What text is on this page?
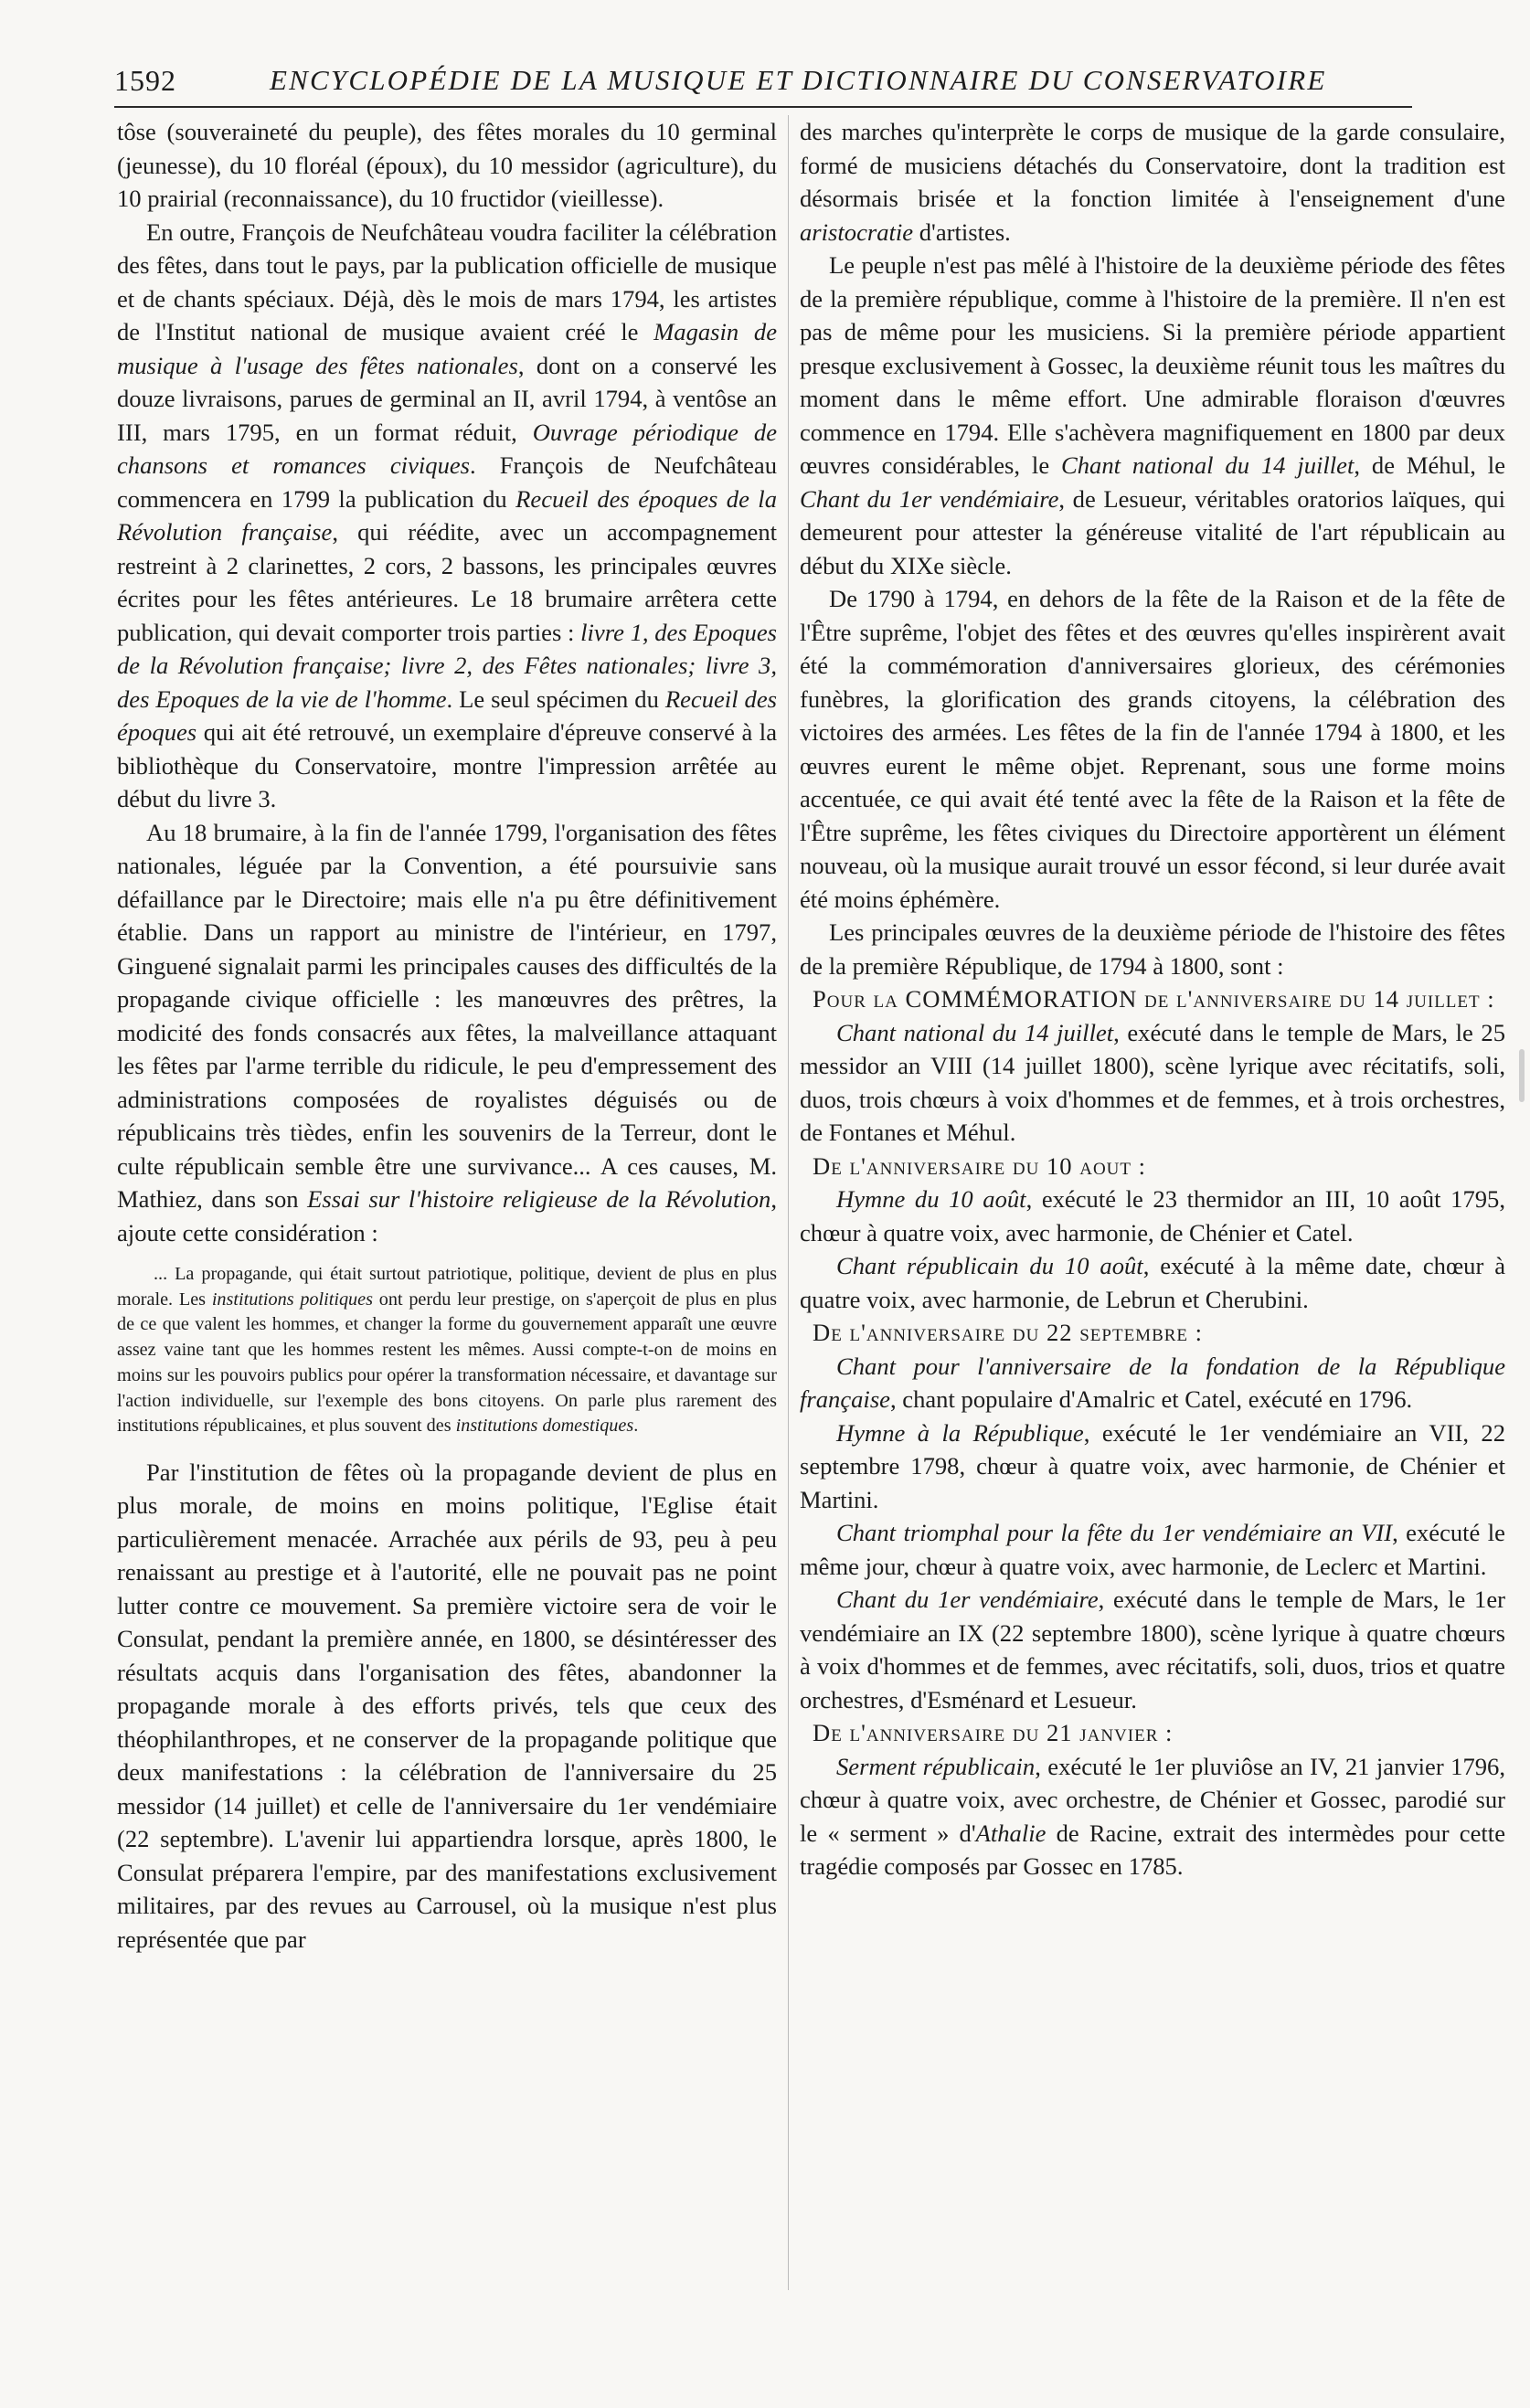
1592	ENCYCLOPÉDIE DE LA MUSIQUE ET DICTIONNAIRE DU CONSERVATOIRE

tôse (souveraineté du peuple), des fêtes morales du 10 germinal (jeunesse), du 10 floréal (époux), du 10 messidor (agriculture), du 10 prairial (reconnaissance), du 10 fructidor (vieillesse).

En outre, François de Neufchâteau voudra faciliter la célébration des fêtes, dans tout le pays, par la publication officielle de musique et de chants spéciaux. Déjà, dès le mois de mars 1794, les artistes de l'Institut national de musique avaient créé le Magasin de musique à l'usage des fêtes nationales, dont on a conservé les douze livraisons, parues de germinal an II, avril 1794, à ventôse an III, mars 1795, en un format réduit, Ouvrage périodique de chansons et romances civiques. François de Neufchâteau commencera en 1799 la publication du Recueil des époques de la Révolution française, qui réédite, avec un accompagnement restreint à 2 clarinettes, 2 cors, 2 bassons, les principales œuvres écrites pour les fêtes antérieures. Le 18 brumaire arrêtera cette publication, qui devait comporter trois parties : livre 1, des Epoques de la Révolution française; livre 2, des Fêtes nationales; livre 3, des Epoques de la vie de l'homme. Le seul spécimen du Recueil des époques qui ait été retrouvé, un exemplaire d'épreuve conservé à la bibliothèque du Conservatoire, montre l'impression arrêtée au début du livre 3.

Au 18 brumaire, à la fin de l'année 1799, l'organisation des fêtes nationales, léguée par la Convention, a été poursuivie sans défaillance par le Directoire; mais elle n'a pu être définitivement établie. Dans un rapport au ministre de l'intérieur, en 1797, Ginguené signalait parmi les principales causes des difficultés de la propagande civique officielle : les manœuvres des prêtres, la modicité des fonds consacrés aux fêtes, la malveillance attaquant les fêtes par l'arme terrible du ridicule, le peu d'empressement des administrations composées de royalistes déguisés ou de républicains très tièdes, enfin les souvenirs de la Terreur, dont le culte républicain semble être une survivance... A ces causes, M. Mathiez, dans son Essai sur l'histoire religieuse de la Révolution, ajoute cette considération :

... La propagande, qui était surtout patriotique, politique, devient de plus en plus morale. Les institutions politiques ont perdu leur prestige, on s'aperçoit de plus en plus de ce que valent les hommes, et changer la forme du gouvernement apparaît une œuvre assez vaine tant que les hommes restent les mêmes. Aussi compte-t-on de moins en moins sur les pouvoirs publics pour opérer la transformation nécessaire, et davantage sur l'action individuelle, sur l'exemple des bons citoyens. On parle plus rarement des institutions républicaines, et plus souvent des institutions domestiques.

Par l'institution de fêtes où la propagande devient de plus en plus morale, de moins en moins politique, l'Eglise était particulièrement menacée. Arrachée aux périls de 93, peu à peu renaissant au prestige et à l'autorité, elle ne pouvait pas ne point lutter contre ce mouvement. Sa première victoire sera de voir le Consulat, pendant la première année, en 1800, se désintéresser des résultats acquis dans l'organisation des fêtes, abandonner la propagande morale à des efforts privés, tels que ceux des théophilanthropes, et ne conserver de la propagande politique que deux manifestations : la célébration de l'anniversaire du 25 messidor (14 juillet) et celle de l'anniversaire du 1er vendémiaire (22 septembre). L'avenir lui appartiendra lorsque, après 1800, le Consulat préparera l'empire, par des manifestations exclusivement militaires, par des revues au Carrousel, où la musique n'est plus représentée que par

des marches qu'interprète le corps de musique de la garde consulaire, formé de musiciens détachés du Conservatoire, dont la tradition est désormais brisée et la fonction limitée à l'enseignement d'une aristocratie d'artistes.

Le peuple n'est pas mêlé à l'histoire de la deuxième période des fêtes de la première république, comme à l'histoire de la première. Il n'en est pas de même pour les musiciens. Si la première période appartient presque exclusivement à Gossec, la deuxième réunit tous les maîtres du moment dans le même effort. Une admirable floraison d'œuvres commence en 1794. Elle s'achèvera magnifiquement en 1800 par deux œuvres considérables, le Chant national du 14 juillet, de Méhul, le Chant du 1er vendémiaire, de Lesueur, véritables oratorios laïques, qui demeurent pour attester la généreuse vitalité de l'art républicain au début du XIXe siècle.

De 1790 à 1794, en dehors de la fête de la Raison et de la fête de l'Être suprême, l'objet des fêtes et des œuvres qu'elles inspirèrent avait été la commémoration d'anniversaires glorieux, des cérémonies funèbres, la glorification des grands citoyens, la célébration des victoires des armées. Les fêtes de la fin de l'année 1794 à 1800, et les œuvres eurent le même objet. Reprenant, sous une forme moins accentuée, ce qui avait été tenté avec la fête de la Raison et la fête de l'Être suprême, les fêtes civiques du Directoire apportèrent un élément nouveau, où la musique aurait trouvé un essor fécond, si leur durée avait été moins éphémère.

Les principales œuvres de la deuxième période de l'histoire des fêtes de la première République, de 1794 à 1800, sont :

Pour la COMMÉMORATION de l'anniversaire du 14 juillet :

Chant national du 14 juillet, exécuté dans le temple de Mars, le 25 messidor an VIII (14 juillet 1800), scène lyrique avec récitatifs, soli, duos, trois chœurs à voix d'hommes et de femmes, et à trois orchestres, de Fontanes et Méhul.

De l'anniversaire du 10 aout :

Hymne du 10 août, exécuté le 23 thermidor an III, 10 août 1795, chœur à quatre voix, avec harmonie, de Chénier et Catel.

Chant républicain du 10 août, exécuté à la même date, chœur à quatre voix, avec harmonie, de Lebrun et Cherubini.

De l'anniversaire du 22 septembre :

Chant pour l'anniversaire de la fondation de la République française, chant populaire d'Amalric et Catel, exécuté en 1796.

Hymne à la République, exécuté le 1er vendémiaire an VII, 22 septembre 1798, chœur à quatre voix, avec harmonie, de Chénier et Martini.

Chant triomphal pour la fête du 1er vendémiaire an VII, exécuté le même jour, chœur à quatre voix, avec harmonie, de Leclerc et Martini.

Chant du 1er vendémiaire, exécuté dans le temple de Mars, le 1er vendémiaire an IX (22 septembre 1800), scène lyrique à quatre chœurs à voix d'hommes et de femmes, avec récitatifs, soli, duos, trios et quatre orchestres, d'Esménard et Lesueur.

De l'anniversaire du 21 janvier :

Serment républicain, exécuté le 1er pluviôse an IV, 21 janvier 1796, chœur à quatre voix, avec orchestre, de Chénier et Gossec, parodié sur le « serment » d'Athalie de Racine, extrait des intermèdes pour cette tragédie composés par Gossec en 1785.
